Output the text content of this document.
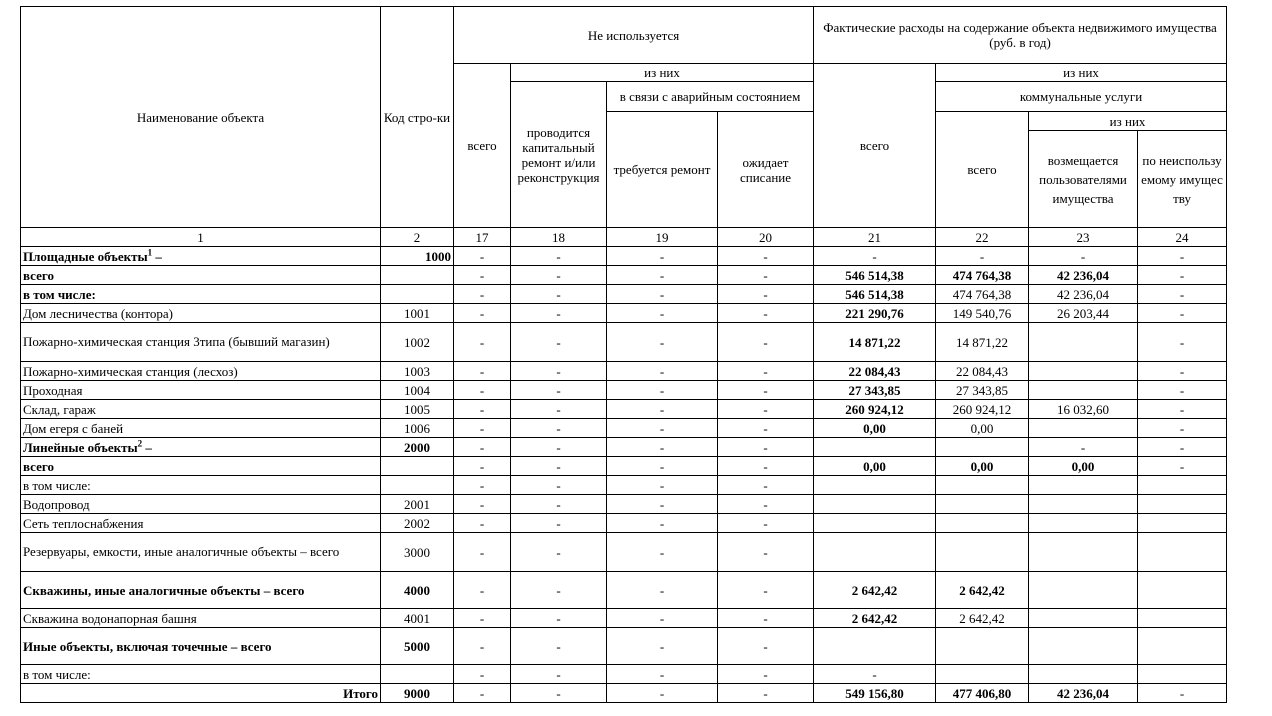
Наименование объекта	Код стро-ки	Не используется				Фактические расходы на содержание объекта недвижимого имущества (руб. в год)			
		всего	из них			всего	из них		
			проводится капитальный ремонт и/или реконструкция	в связи с аварийным состоянием			коммунальные услуги		
				требуется ремонт	ожидает списание		всего	из них	
								возмещается пользователями имущества	по неиспользуемому имуществу
1	2	17	18	19	20	21	22	23	24
Площадные объекты$^1$ –	1000	-	-	-	-	-	-	-	-
всего		-	-	-	-	546 514,38	474 764,38	42 236,04	-
в том числе:		-	-	-	-	546 514,38	474 764,38	42 236,04	-
Дом лесничества (контора)	1001	-	-	-	-	221 290,76	149 540,76	26 203,44	-
Пожарно-химическая станция 3типа (бывший магазин)	1002	-	-	-	-	14 871,22	14 871,22		-
Пожарно-химическая станция (лесхоз)	1003	-	-	-	-	22 084,43	22 084,43		-
Проходная	1004	-	-	-	-	27 343,85	27 343,85		-
Склад, гараж	1005	-	-	-	-	260 924,12	260 924,12	16 032,60	-
Дом егеря с баней	1006	-	-	-	-	0,00	0,00		-
Линейные объекты$^2$ –	2000	-	-	-	-			-	-
всего		-	-	-	-	0,00	0,00	0,00	-
в том числе:		-	-	-	-				
Водопровод	2001	-	-	-	-				
Сеть теплоснабжения	2002	-	-	-	-				
Резервуары, емкости, иные аналогичные объекты – всего	3000	-	-	-	-				
Скважины, иные аналогичные объекты – всего	4000	-	-	-	-	2 642,42	2 642,42		
Скважина водонапорная башня	4001	-	-	-	-	2 642,42	2 642,42		
Иные объекты, включая точечные – всего	5000	-	-	-	-				
в том числе:		-	-	-	-	-			
Итого	9000	-	-	-	-	549 156,80	477 406,80	42 236,04	-
